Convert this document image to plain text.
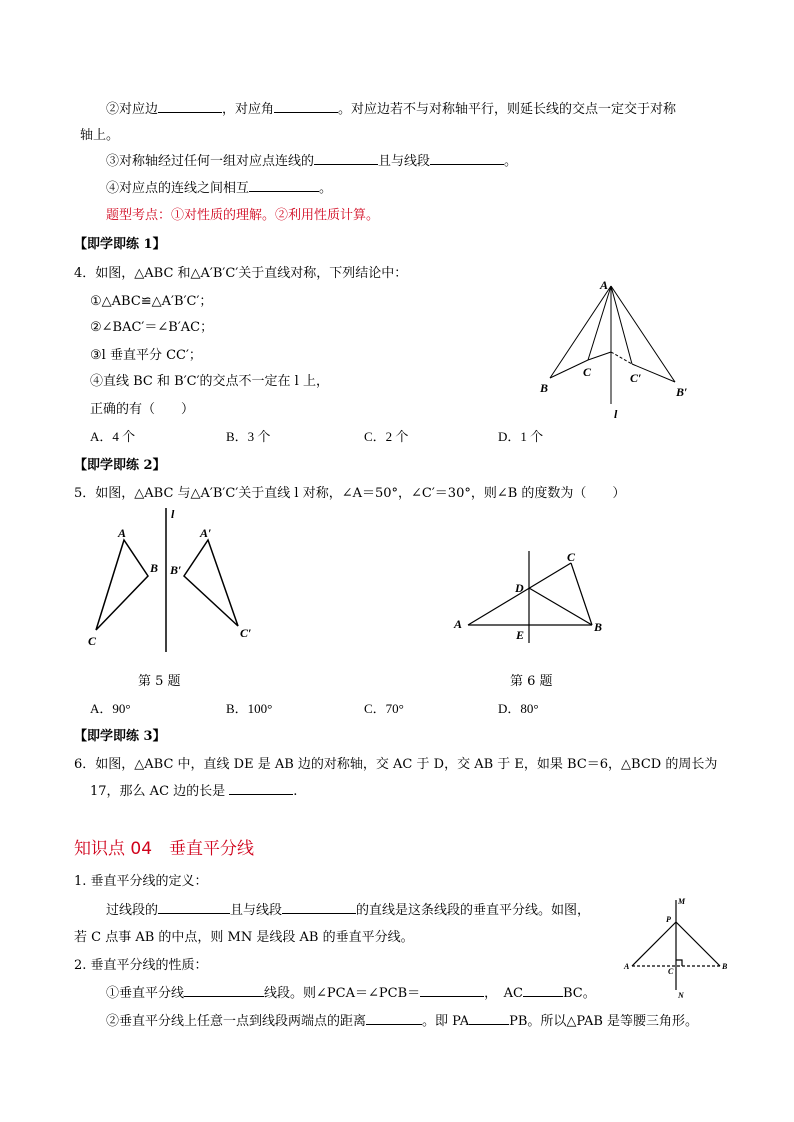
②对应边	，对应角	。对应边若不与对称轴平行，则延长线的交点一定交于对称
轴上。
③对称轴经过任何一组对应点连线的	且与线段	。
④对应点的连线之间相互	。
题型考点：①对性质的理解。②利用性质计算。
【即学即练 1】
4．如图，△ABC 和△A′B′C′关于直线对称，下列结论中：
①△ABC≌△A′B′C′；
②∠BAC′＝∠B′AC；
③l 垂直平分 CC′；
④直线 BC 和 B′C′的交点不一定在 l 上，
正确的有（　　）
A．4 个	B．3 个	C．2 个	D．1 个
A
B
C	C′
B′
l
【即学即练 2】
5．如图，△ABC 与△A′B′C′关于直线 l 对称，∠A＝50°，∠C′＝30°，则∠B 的度数为（　　）
l
A
B
C
A′
B′
C′
C
D
A	B
E
第 5 题	第 6 题
A．90°	B．100°	C．70°	D．80°
【即学即练 3】
6．如图，△ABC 中，直线 DE 是 AB 边的对称轴，交 AC 于 D，交 AB 于 E，如果 BC＝6，△BCD 的周长为
17，那么 AC 边的长是	.
知识点 04　垂直平分线
1. 垂直平分线的定义：
过线段的	且与线段	的直线是这条线段的垂直平分线。如图，
若 C 点事 AB 的中点，则 MN 是线段 AB 的垂直平分线。
2. 垂直平分线的性质：
①垂直平分线	线段。则∠PCA＝∠PCB＝	，　AC	BC。
②垂直平分线上任意一点到线段两端点的距离	。即 PA	PB。所以△PAB 是等腰三角形。
M
P
A	B
C
N
